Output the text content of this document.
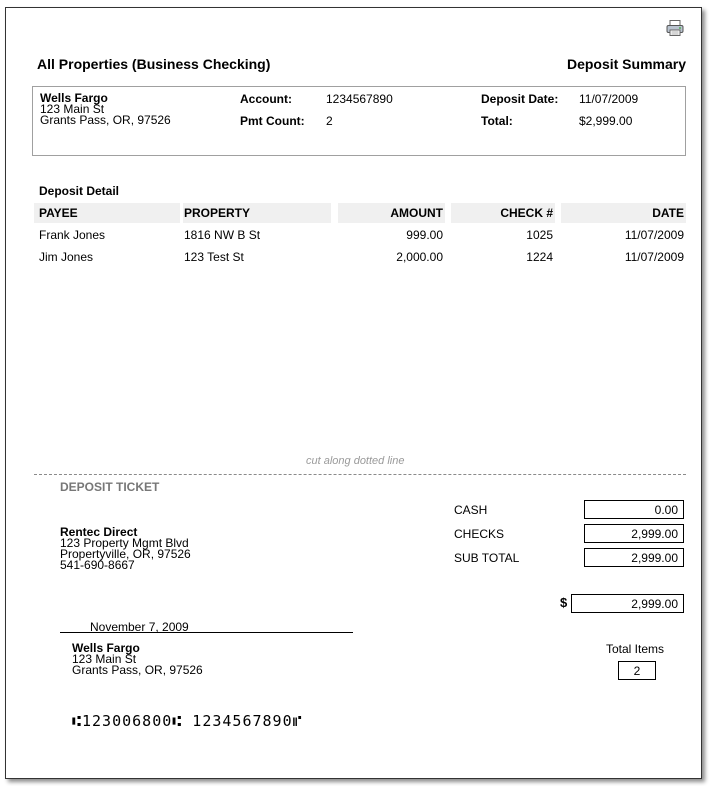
All Properties (Business Checking)	Deposit Summary
Wells Fargo
123 Main St
Grants Pass, OR, 97526
Account:	1234567890
Pmt Count: 2
Deposit Date: 11/07/2009
Total:	$2,999.00
Deposit Detail
PAYEE	PROPERTY	AMOUNT	CHECK #	DATE
Frank Jones	1816 NW B St	999.00	1025	11/07/2009
Jim Jones	123 Test St	2,000.00	1224	11/07/2009
cut along dotted line
DEPOSIT TICKET
Rentec Direct
123 Property Mgmt Blvd
Propertyville, OR, 97526
541-690-8667
CASH	0.00
CHECKS	2,999.00
SUB TOTAL	2,999.00
$	2,999.00
November 7, 2009
Wells Fargo
123 Main St
Grants Pass, OR, 97526
Total Items
2
⑆123006800⑆ 1234567890⑈
